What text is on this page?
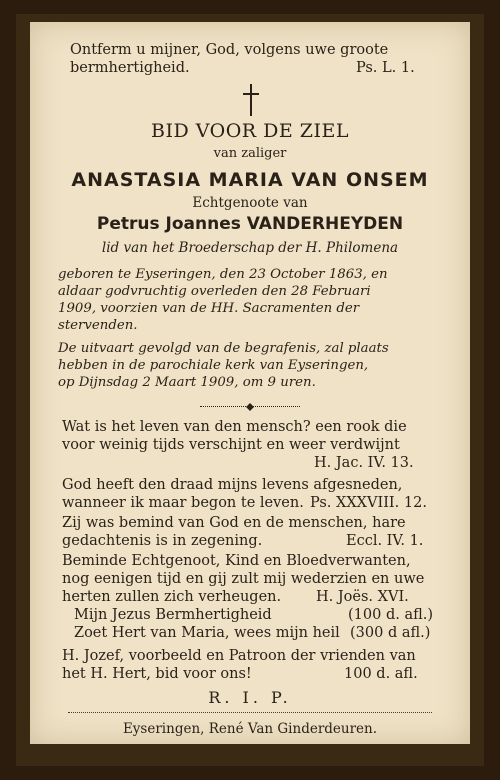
Ontferm u mijner, God, volgens uwe groote
bermhertigheid.	Ps. L. 1.
BID VOOR DE ZIEL
van zaliger
ANASTASIA MARIA VAN ONSEM
Echtgenoote van
Petrus Joannes VANDERHEYDEN
lid van het Broederschap der H. Philomena
geboren te Eyseringen, den 23 October 1863, en
aldaar godvruchtig overleden den 28 Februari
1909, voorzien van de HH. Sacramenten der
stervenden.
De uitvaart gevolgd van de begrafenis, zal plaats
hebben in de parochiale kerk van Eyseringen,
op Dijnsdag 2 Maart 1909, om 9 uren.
Wat is het leven van den mensch? een rook die
voor weinig tijds verschijnt en weer verdwijnt
H. Jac. IV. 13.
God heeft den draad mijns levens afgesneden,
wanneer ik maar begon te leven. Ps. XXXVIII. 12.
Zij was bemind van God en de menschen, hare
gedachtenis is in zegening.	Eccl. IV. 1.
Beminde Echtgenoot, Kind en Bloedverwanten,
nog eenigen tijd en gij zult mij wederzien en uwe
herten zullen zich verheugen. H. Joës. XVI.
Mijn Jezus Bermhertigheid	(100 d. afl.)
Zoet Hert van Maria, wees mijn heil (300 d afl.)
H. Jozef, voorbeeld en Patroon der vrienden van
het H. Hert, bid voor ons!	100 d. afl.
R. I. P.
Eyseringen, René Van Ginderdeuren.
